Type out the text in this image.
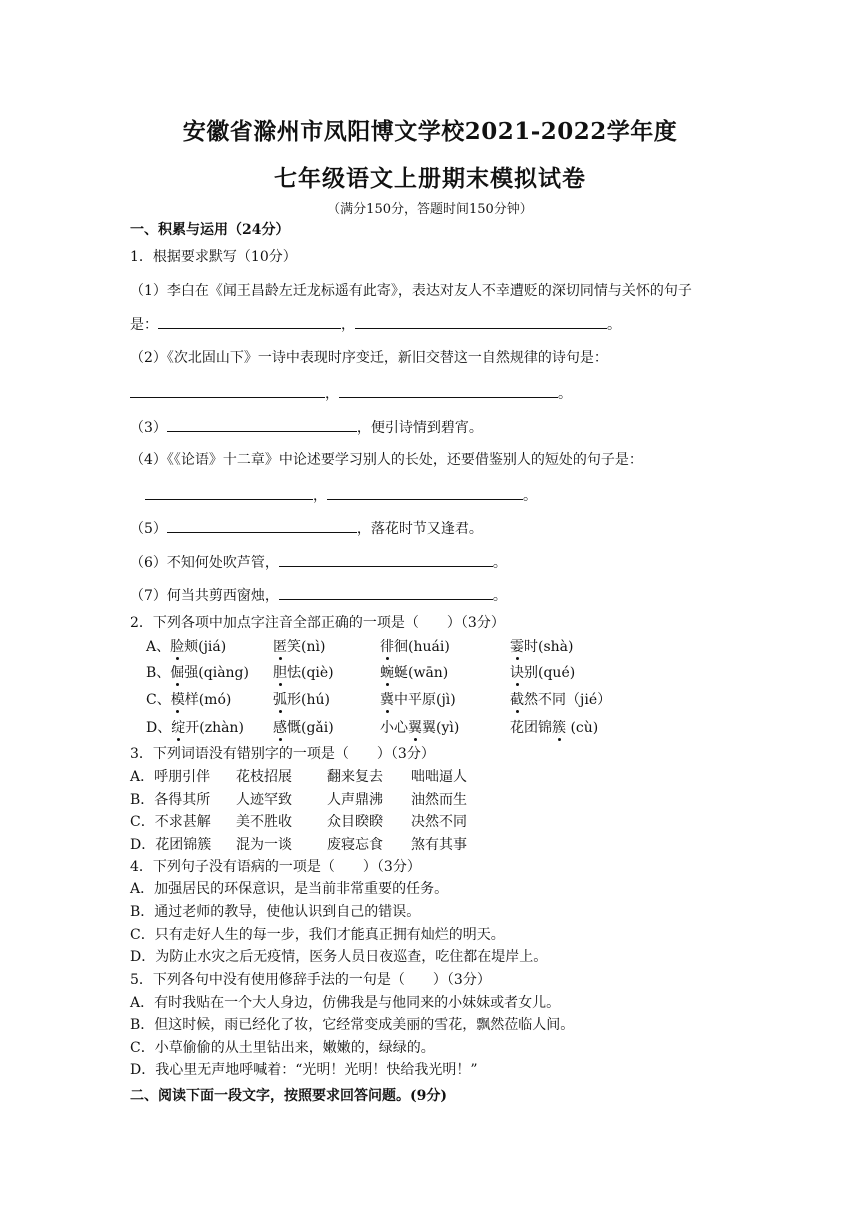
安徽省滁州市凤阳博文学校2021-2022学年度
七年级语文上册期末模拟试卷
（满分150分，答题时间150分钟）
一、积累与运用（24分）
1．根据要求默写（10分）
（1）李白在《闻王昌龄左迁龙标遥有此寄》，表达对友人不幸遭贬的深切同情与关怀的句子
是：	，	。
（2）《次北固山下》一诗中表现时序变迁，新旧交替这一自然规律的诗句是：
，	。
（3）	，便引诗情到碧宵。
（4）《《论语》十二章》中论述要学习别人的长处，还要借鉴别人的短处的句子是：
，	。
（5）	，落花时节又逢君。
（6）不知何处吹芦管，	。
（7）何当共剪西窗烛，	。
2．下列各项中加点字注音全部正确的一项是（　　）（3分）
A、脸颊(jiá)	匿笑(nì)	徘徊(huái)	霎时(shà)
B、倔强(qiàng) 胆怯(qiè)	蜿蜒(wān)	诀别(qué)
C、模样(mó)	弧形(hú)	冀中平原(jì)	截然不同（jié）
D、绽开(zhàn) 感慨(gǎi)	小心翼翼(yì)	花团锦簇 (cù)
3．下列词语没有错别字的一项是（　　）（3分）
A．呼朋引伴 花枝招展	翻来复去 咄咄逼人
B．各得其所 人迹罕致	人声鼎沸 油然而生
C．不求甚解 美不胜收	众目睽睽 决然不同
D．花团锦簇 混为一谈	废寝忘食 煞有其事
4．下列句子没有语病的一项是（　　）（3分）
A．加强居民的环保意识，是当前非常重要的任务。
B．通过老师的教导，使他认识到自己的错误。
C．只有走好人生的每一步，我们才能真正拥有灿烂的明天。
D．为防止水灾之后无疫情，医务人员日夜巡查，吃住都在堤岸上。
5．下列各句中没有使用修辞手法的一句是（　　）（3分）
A．有时我贴在一个大人身边，仿佛我是与他同来的小妹妹或者女儿。
B．但这时候，雨已经化了妆，它经常变成美丽的雪花，飘然莅临人间。
C．小草偷偷的从土里钻出来，嫩嫩的，绿绿的。
D．我心里无声地呼喊着：“光明！光明！快给我光明！”
二、阅读下面一段文字，按照要求回答问题。(9分)
